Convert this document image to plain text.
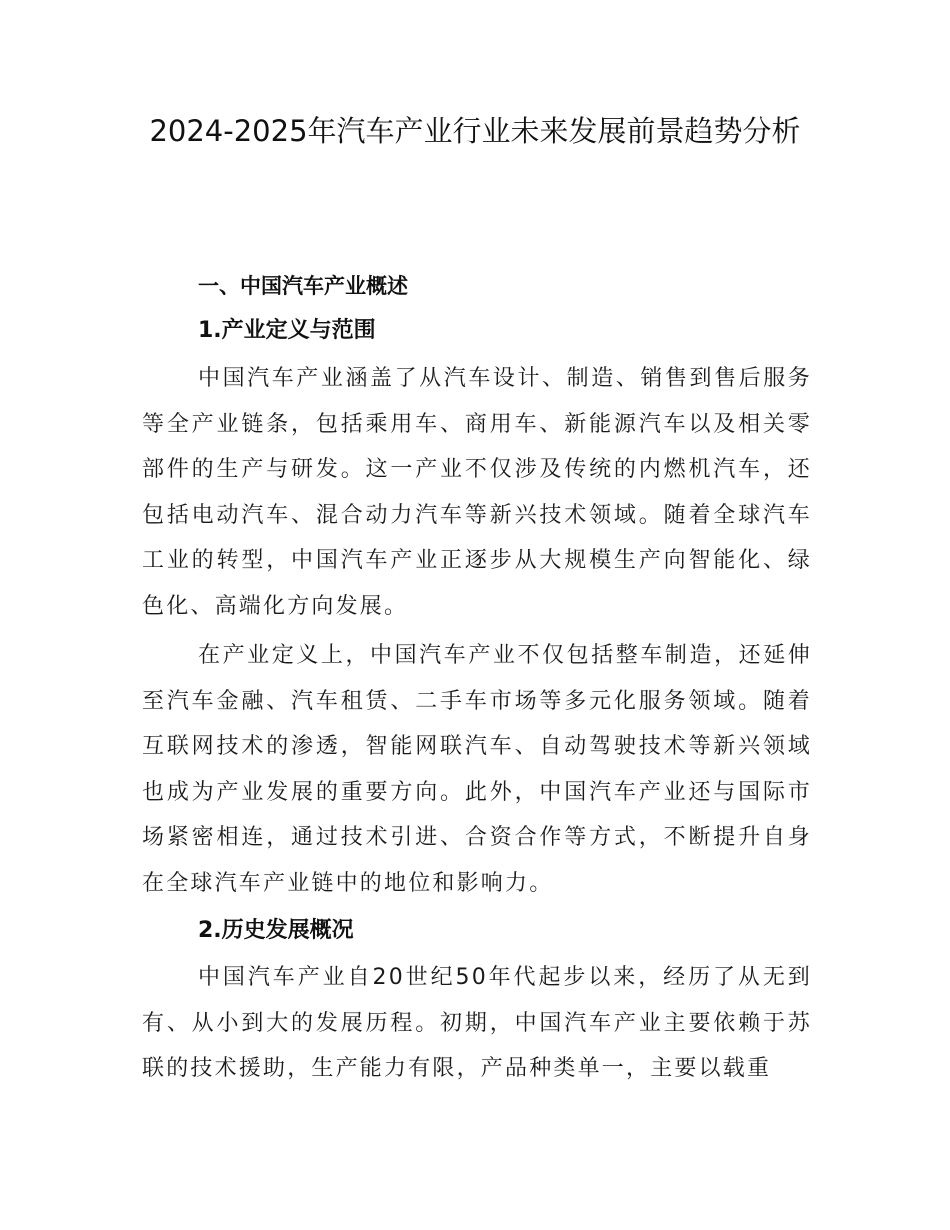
2024-2025年汽车产业行业未来发展前景趋势分析
一、中国汽车产业概述
1.产业定义与范围

中国汽车产业涵盖了从汽车设计、制造、销售到售后服务等全产业链条，包括乘用车、商用车、新能源汽车以及相关零部件的生产与研发。这一产业不仅涉及传统的内燃机汽车，还包括电动汽车、混合动力汽车等新兴技术领域。随着全球汽车工业的转型，中国汽车产业正逐步从大规模生产向智能化、绿色化、高端化方向发展。

在产业定义上，中国汽车产业不仅包括整车制造，还延伸至汽车金融、汽车租赁、二手车市场等多元化服务领域。随着互联网技术的渗透，智能网联汽车、自动驾驶技术等新兴领域也成为产业发展的重要方向。此外，中国汽车产业还与国际市场紧密相连，通过技术引进、合资合作等方式，不断提升自身在全球汽车产业链中的地位和影响力。

2.历史发展概况

中国汽车产业自20世纪50年代起步以来，经历了从无到有、从小到大的发展历程。初期，中国汽车产业主要依赖于苏联的技术援助，生产能力有限，产品种类单一，主要以载重
